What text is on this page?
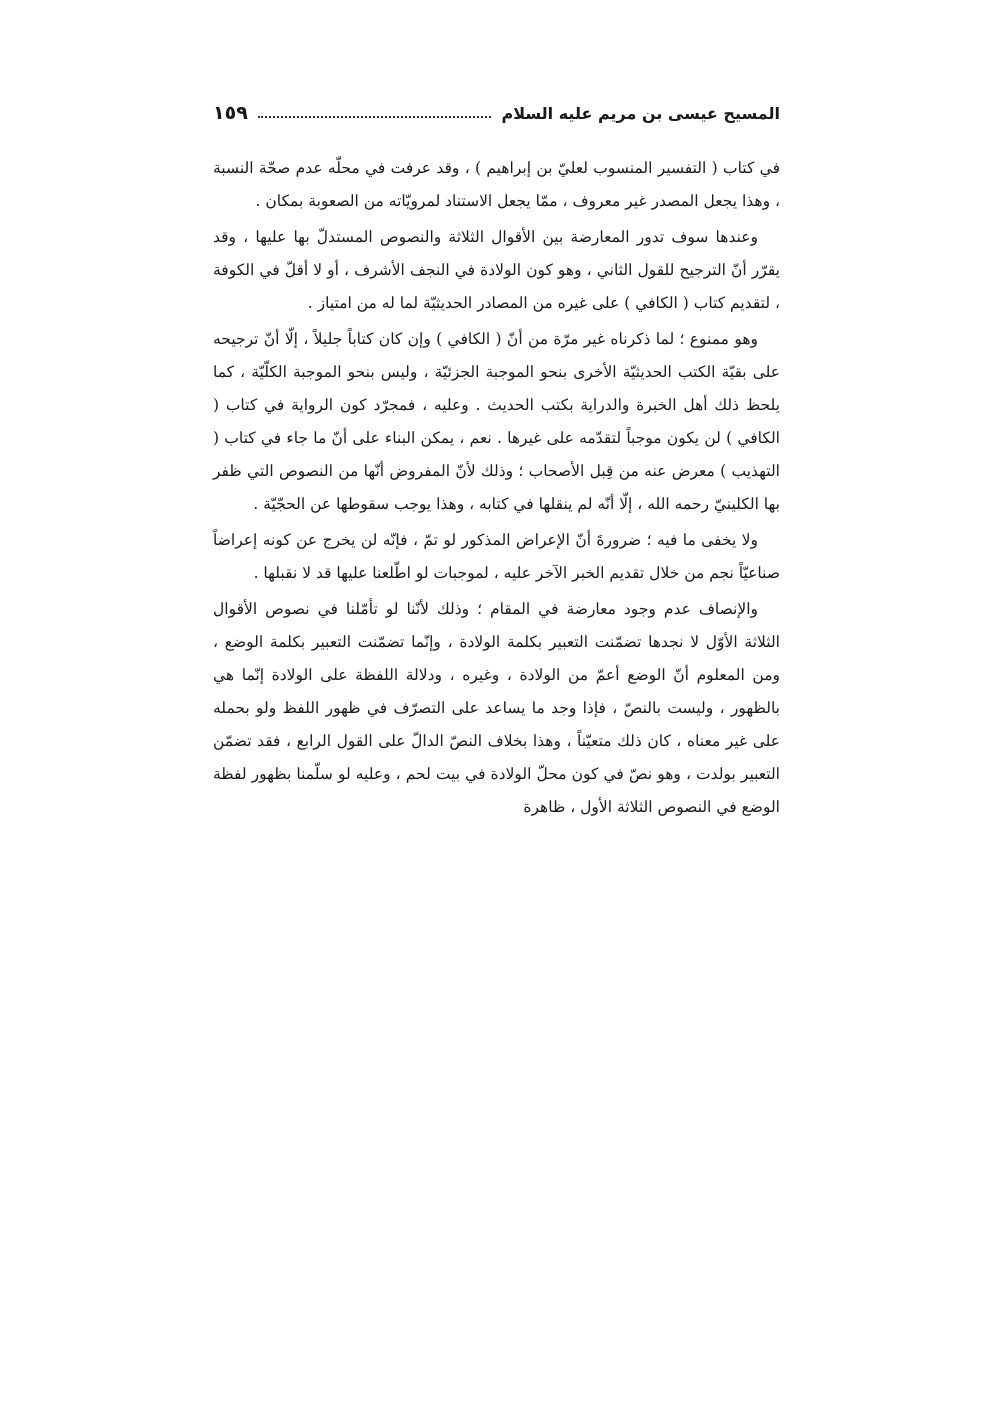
المسيح عيسى بن مريم عليه السلام
١٥٩

في كتاب ( التفسير المنسوب لعليّ بن إبراهيم ) ، وقد عرفت في محلّه عدم صحّة النسبة ، وهذا يجعل المصدر غير معروف ، ممّا يجعل الاستناد لمرويّاته من الصعوبة بمكان .

وعندها سوف تدور المعارضة بين الأقوال الثلاثة والنصوص المستدلّ بها عليها ، وقد يقرّر أنّ الترجيح للقول الثاني ، وهو كون الولادة في النجف الأشرف ، أو لا أقلّ في الكوفة ، لتقديم كتاب ( الكافي ) على غيره من المصادر الحديثيّة لما له من امتياز .

وهو ممنوع ؛ لما ذكرناه غير مرّة من أنّ ( الكافي ) وإن كان كتاباً جليلاً ، إلّا أنّ ترجيحه على بقيّة الكتب الحديثيّة الأخرى بنحو الموجبة الجزئيّة ، وليس بنحو الموجبة الكلّيّة ، كما يلحظ ذلك أهل الخبرة والدراية بكتب الحديث . وعليه ، فمجرّد كون الرواية في كتاب ( الكافي ) لن يكون موجباً لتقدّمه على غيرها . نعم ، يمكن البناء على أنّ ما جاء في كتاب ( التهذيب ) معرض عنه من قِبل الأصحاب ؛ وذلك لأنّ المفروض أنّها من النصوص التي ظفر بها الكلينيّ رحمه الله ، إلّا أنّه لم ينقلها في كتابه ، وهذا يوجب سقوطها عن الحجّيّة .

ولا يخفى ما فيه ؛ ضرورةَ أنّ الإعراض المذكور لو تمّ ، فإنّه لن يخرج عن كونه إعراضاً صناعيّاً نجم من خلال تقديم الخبر الآخر عليه ، لموجبات لو اطّلعنا عليها قد لا نقبلها .

والإنصاف عدم وجود معارضة في المقام ؛ وذلك لأنّنا لو تأمّلنا في نصوص الأقوال الثلاثة الأوّل لا نجدها تضمّنت التعبير بكلمة الولادة ، وإنّما تضمّنت التعبير بكلمة الوضع ، ومن المعلوم أنّ الوضع أعمّ من الولادة ، وغيره ، ودلالة اللفظة على الولادة إنّما هي بالظهور ، وليست بالنصّ ، فإذا وجد ما يساعد على التصرّف في ظهور اللفظ ولو بحمله على غير معناه ، كان ذلك متعيّناً ، وهذا بخلاف النصّ الدالّ على القول الرابع ، فقد تضمّن التعبير بولدت ، وهو نصّ في كون محلّ الولادة في بيت لحم ، وعليه لو سلّمنا بظهور لفظة الوضع في النصوص الثلاثة الأول ، ظاهرة
